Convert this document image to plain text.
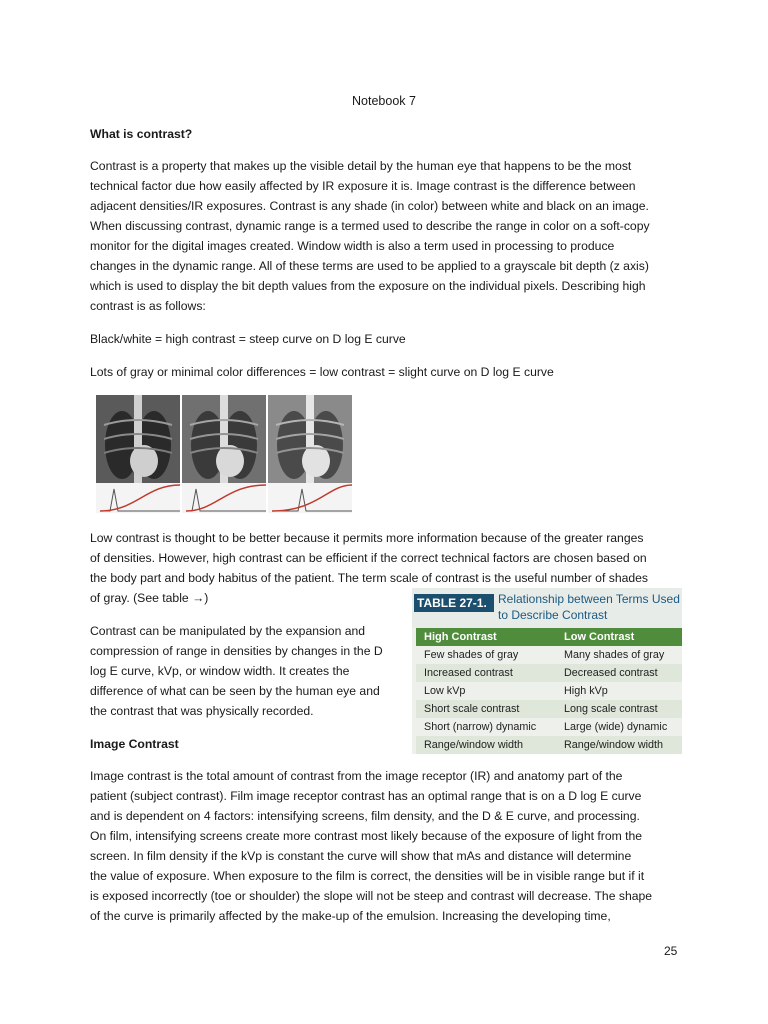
Notebook 7

What is contrast?

Contrast is a property that makes up the visible detail by the human eye that happens to be the most

technical factor due how easily affected by IR exposure it is. Image contrast is the difference between

adjacent densities/IR exposures. Contrast is any shade (in color) between white and black on an image.

When discussing contrast, dynamic range is a termed used to describe the range in color on a soft-copy

monitor for the digital images created. Window width is also a term used in processing to produce

changes in the dynamic range. All of these terms are used to be applied to a grayscale bit depth (z axis)

which is used to display the bit depth values from the exposure on the individual pixels. Describing high

contrast is as follows:

Black/white = high contrast = steep curve on D log E curve

Lots of gray or minimal color differences = low contrast = slight curve on D log E curve

Low contrast is thought to be better because it permits more information because of the greater ranges

of densities. However, high contrast can be efficient if the correct technical factors are chosen based on

the body part and body habitus of the patient. The term scale of contrast is the useful number of shades

of gray. (See table →)

Contrast can be manipulated by the expansion and

compression of range in densities by changes in the D

log E curve, kVp, or window width. It creates the

difference of what can be seen by the human eye and

the contrast that was physically recorded.

Image Contrast

Image contrast is the total amount of contrast from the image receptor (IR) and anatomy part of the

patient (subject contrast). Film image receptor contrast has an optimal range that is on a D log E curve

and is dependent on 4 factors: intensifying screens, film density, and the D & E curve, and processing.

On film, intensifying screens create more contrast most likely because of the exposure of light from the

screen. In film density if the kVp is constant the curve will show that mAs and distance will determine

the value of exposure. When exposure to the film is correct, the densities will be in visible range but if it

is exposed incorrectly (toe or shoulder) the slope will not be steep and contrast will decrease. The shape

of the curve is primarily affected by the make-up of the emulsion. Increasing the developing time,

TABLE 27-1. Relationship between Terms Used to Describe Contrast
High Contrast	Low Contrast
Few shades of gray	Many shades of gray
Increased contrast	Decreased contrast
Low kVp	High kVp
Short scale contrast	Long scale contrast
Short (narrow) dynamic	Large (wide) dynamic
Range/window width	Range/window width
25
